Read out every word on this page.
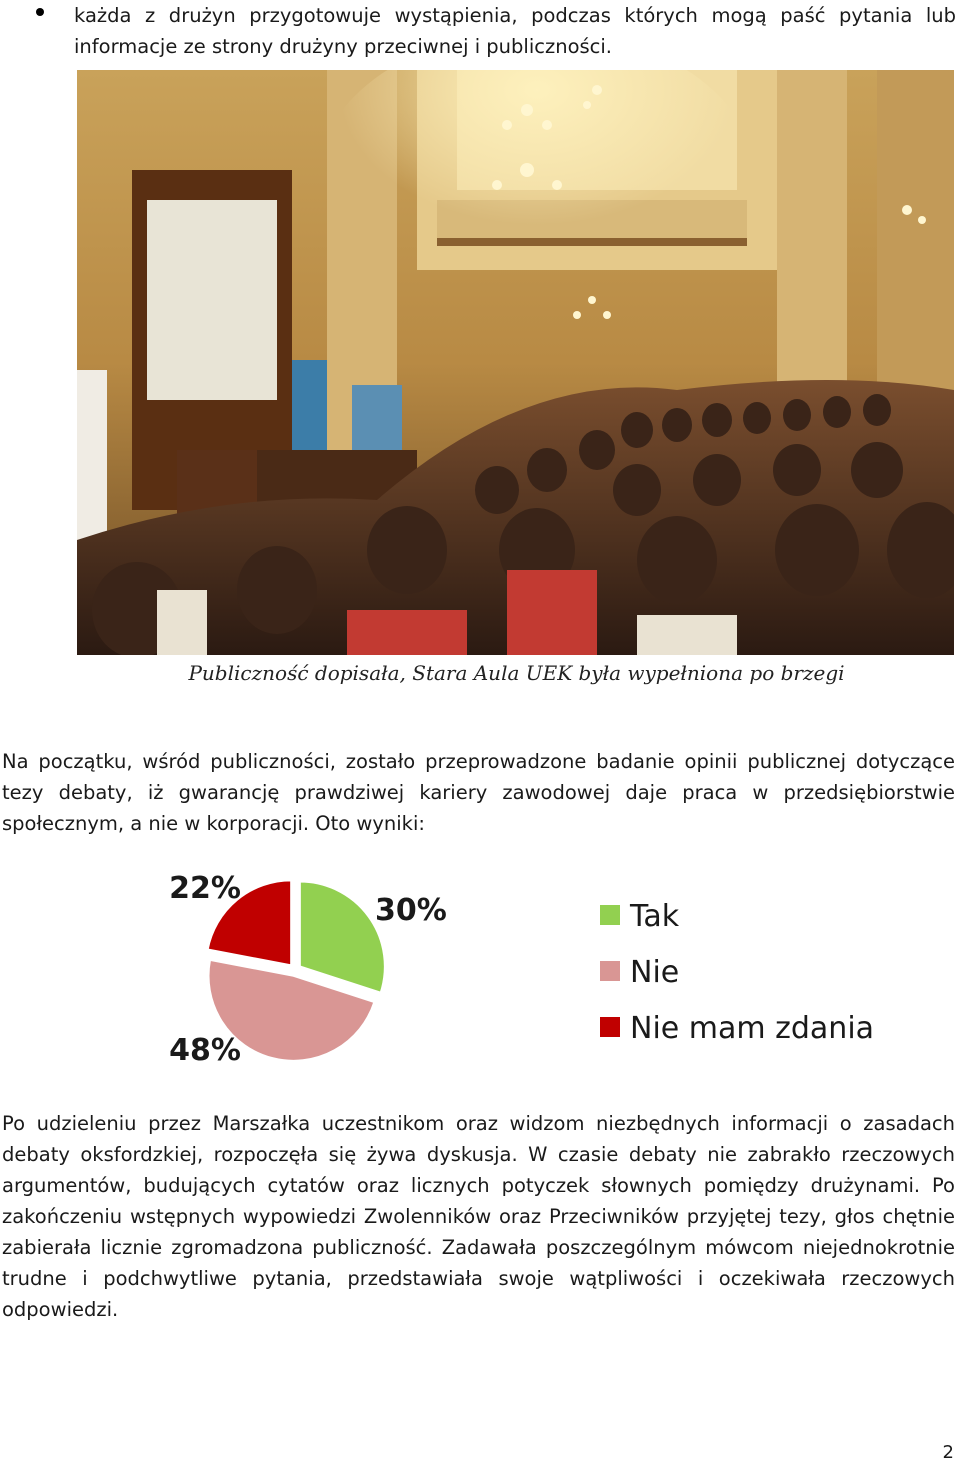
każda z drużyn przygotowuje wystąpienia, podczas których mogą paść pytania lub informacje ze strony drużyny przeciwnej i publiczności.
Publiczność dopisała, Stara Aula UEK była wypełniona po brzegi
Na początku, wśród publiczności, zostało przeprowadzone badanie opinii publicznej dotyczące tezy debaty, iż gwarancję prawdziwej kariery zawodowej daje praca w przedsiębiorstwie społecznym, a nie w korporacji. Oto wyniki:
30%
48%
22%
Tak
Nie
Nie mam zdania
Po udzieleniu przez Marszałka uczestnikom oraz widzom niezbędnych informacji o zasadach debaty oksfordzkiej, rozpoczęła się żywa dyskusja. W czasie debaty nie zabrakło rzeczowych argumentów, budujących cytatów oraz licznych potyczek słownych pomiędzy drużynami. Po zakończeniu wstępnych wypowiedzi Zwolenników oraz Przeciwników przyjętej tezy, głos chętnie zabierała licznie zgromadzona publiczność. Zadawała poszczególnym mówcom niejednokrotnie trudne i podchwytliwe pytania, przedstawiała swoje wątpliwości i oczekiwała rzeczowych odpowiedzi.
2
